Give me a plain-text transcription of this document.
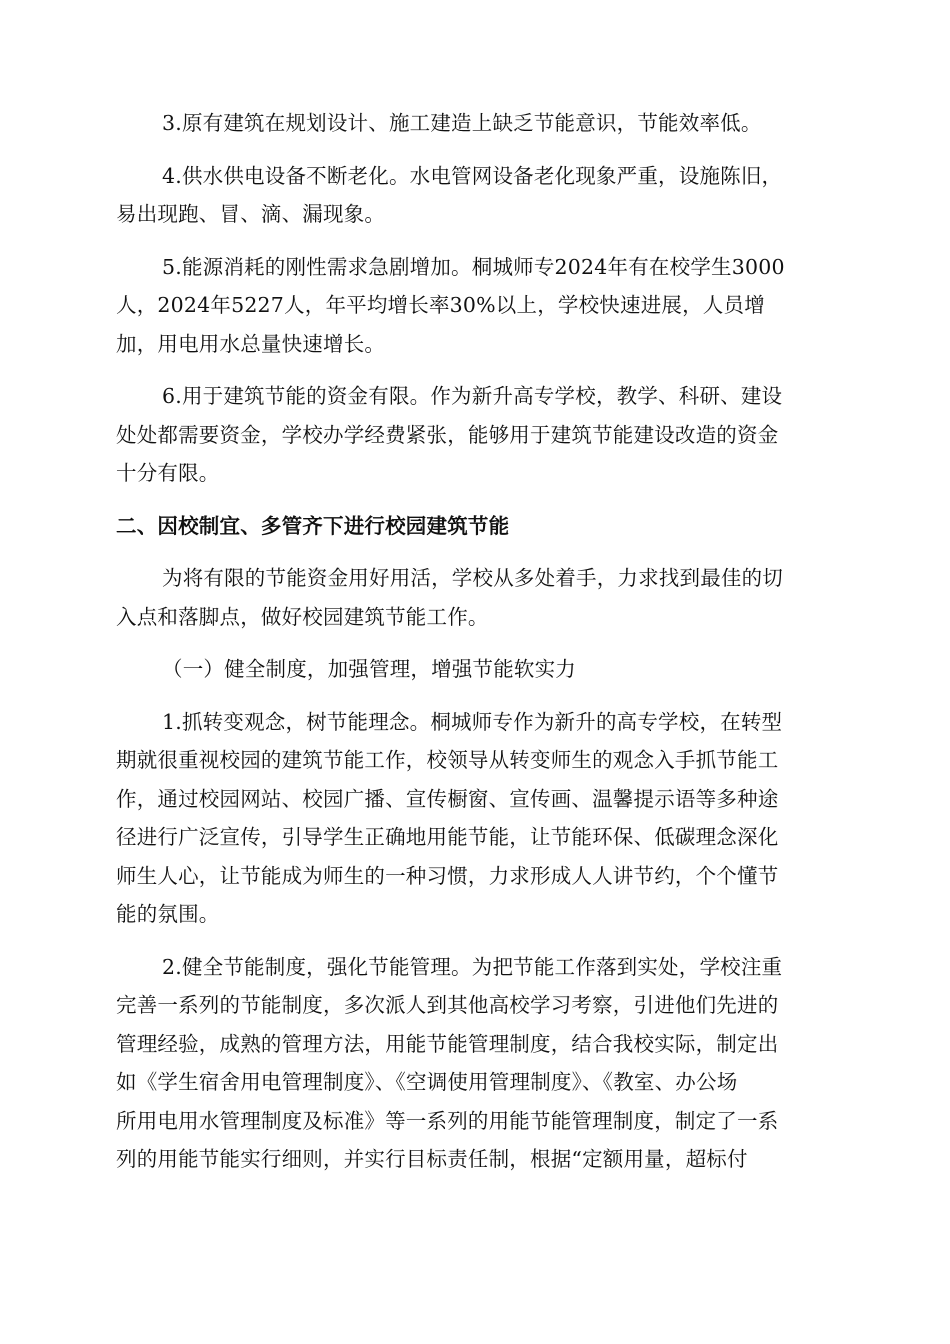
3.原有建筑在规划设计、施工建造上缺乏节能意识，节能效率低。

4.供水供电设备不断老化。水电管网设备老化现象严重，设施陈旧，
易出现跑、冒、滴、漏现象。

5.能源消耗的刚性需求急剧增加。桐城师专2024年有在校学生3000
人，2024年5227人，年平均增长率30%以上，学校快速进展，人员增
加，用电用水总量快速增长。

6.用于建筑节能的资金有限。作为新升高专学校，教学、科研、建设
处处都需要资金，学校办学经费紧张，能够用于建筑节能建设改造的资金
十分有限。

二、因校制宜、多管齐下进行校园建筑节能

为将有限的节能资金用好用活，学校从多处着手，力求找到最佳的切
入点和落脚点，做好校园建筑节能工作。

（一）健全制度，加强管理，增强节能软实力

1.抓转变观念，树节能理念。桐城师专作为新升的高专学校，在转型
期就很重视校园的建筑节能工作，校领导从转变师生的观念入手抓节能工
作，通过校园网站、校园广播、宣传橱窗、宣传画、温馨提示语等多种途
径进行广泛宣传，引导学生正确地用能节能，让节能环保、低碳理念深化
师生人心，让节能成为师生的一种习惯，力求形成人人讲节约，个个懂节
能的氛围。

2.健全节能制度，强化节能管理。为把节能工作落到实处，学校注重
完善一系列的节能制度，多次派人到其他高校学习考察，引进他们先进的
管理经验，成熟的管理方法，用能节能管理制度，结合我校实际，制定出
如《学生宿舍用电管理制度》、《空调使用管理制度》、《教室、办公场
所用电用水管理制度及标准》等一系列的用能节能管理制度，制定了一系
列的用能节能实行细则，并实行目标责任制，根据“定额用量，超标付
